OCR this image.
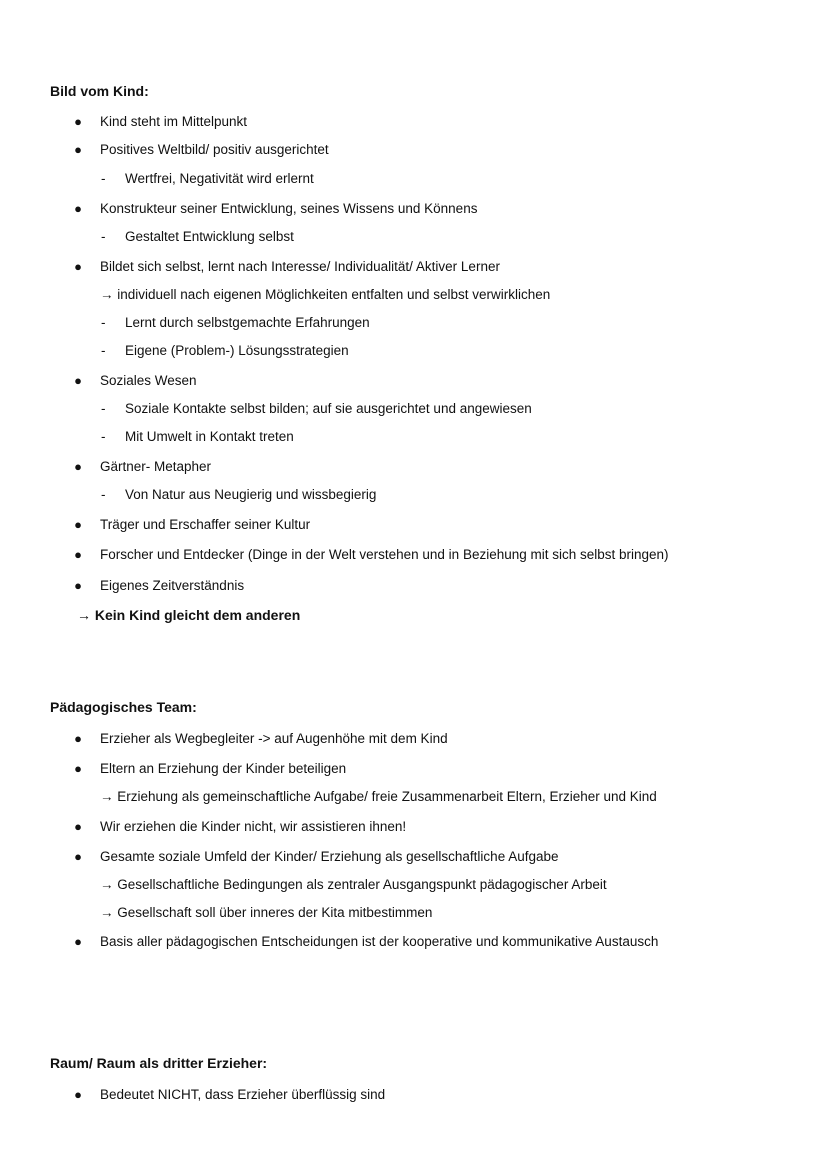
Bild vom Kind:
● Kind steht im Mittelpunkt
● Positives Weltbild/ positiv ausgerichtet
- Wertfrei, Negativität wird erlernt
● Konstrukteur seiner Entwicklung, seines Wissens und Könnens
- Gestaltet Entwicklung selbst
● Bildet sich selbst, lernt nach Interesse/ Individualität/ Aktiver Lerner
→ individuell nach eigenen Möglichkeiten entfalten und selbst verwirklichen
- Lernt durch selbstgemachte Erfahrungen
- Eigene (Problem-) Lösungsstrategien
● Soziales Wesen
- Soziale Kontakte selbst bilden; auf sie ausgerichtet und angewiesen
- Mit Umwelt in Kontakt treten
● Gärtner- Metapher
- Von Natur aus Neugierig und wissbegierig
● Träger und Erschaffer seiner Kultur
● Forscher und Entdecker (Dinge in der Welt verstehen und in Beziehung mit sich selbst bringen)
● Eigenes Zeitverständnis
→ Kein Kind gleicht dem anderen
Pädagogisches Team:
● Erzieher als Wegbegleiter -> auf Augenhöhe mit dem Kind
● Eltern an Erziehung der Kinder beteiligen
→ Erziehung als gemeinschaftliche Aufgabe/ freie Zusammenarbeit Eltern, Erzieher und Kind
● Wir erziehen die Kinder nicht, wir assistieren ihnen!
● Gesamte soziale Umfeld der Kinder/ Erziehung als gesellschaftliche Aufgabe
→ Gesellschaftliche Bedingungen als zentraler Ausgangspunkt pädagogischer Arbeit
→ Gesellschaft soll über inneres der Kita mitbestimmen
● Basis aller pädagogischen Entscheidungen ist der kooperative und kommunikative Austausch
Raum/ Raum als dritter Erzieher:
● Bedeutet NICHT, dass Erzieher überflüssig sind
